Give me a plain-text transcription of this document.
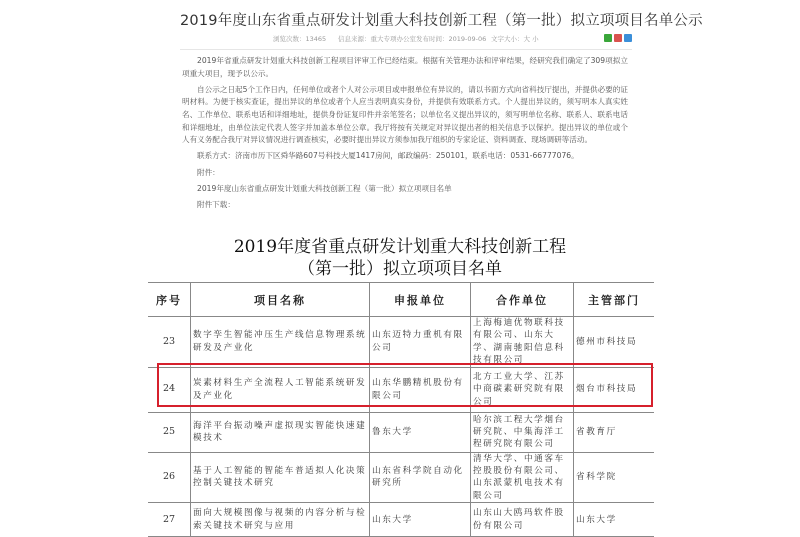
2019年度山东省重点研发计划重大科技创新工程（第一批）拟立项项目名单公示
浏览次数：13465 信息来源：重大专项办公室 发布时间：2019-09-06 文字大小：大 小

2019年省重点研发计划重大科技创新工程项目评审工作已经结束。根据有关管理办法和评审结果，经研究我们确定了309项拟立项重大项目，现予以公示。

自公示之日起5个工作日内，任何单位或者个人对公示项目或申报单位有异议的，请以书面方式向省科技厅提出，并提供必要的证明材料。为便于核实查证，提出异议的单位或者个人应当表明真实身份，并提供有效联系方式。个人提出异议的，须写明本人真实姓名、工作单位、联系电话和详细地址，提供身份证复印件并亲笔签名；以单位名义提出异议的，须写明单位名称、联系人、联系电话和详细地址，由单位法定代表人签字并加盖本单位公章。我厅将按有关规定对异议提出者的相关信息予以保护。提出异议的单位或个人有义务配合我厅对异议情况进行调查核实，必要时提出异议方须参加我厅组织的专家论证、资料调查、现场调研等活动。

联系方式：济南市历下区舜华路607号科技大厦1417房间，邮政编码：250101，联系电话：0531-66777076。

附件：

2019年度山东省重点研发计划重大科技创新工程（第一批）拟立项项目名单

附件下载：

2019年度省重点研发计划重大科技创新工程
（第一批）拟立项项目名单
序号	项目名称	申报单位	合作单位	主管部门
23	数字孪生智能冲压生产线信息物理系统研发及产业化	山东迈特力重机有限公司	上海梅迪优物联科技有限公司、山东大学、湖南驰阳信息科技有限公司	德州市科技局
24	炭素材料生产全流程人工智能系统研发及产业化	山东华鹏精机股份有限公司	北方工业大学、江苏中商碳素研究院有限公司	烟台市科技局
25	海洋平台振动噪声虚拟现实智能快速建模技术	鲁东大学	哈尔滨工程大学烟台研究院、中集海洋工程研究院有限公司	省教育厅
26	基于人工智能的智能车普适拟人化决策控制关键技术研究	山东省科学院自动化研究所	清华大学、中通客车控股股份有限公司、山东派蒙机电技术有限公司	省科学院
27	面向大规模图像与视频的内容分析与检索关键技术研究与应用	山东大学	山东山大鸥玛软件股份有限公司	山东大学
